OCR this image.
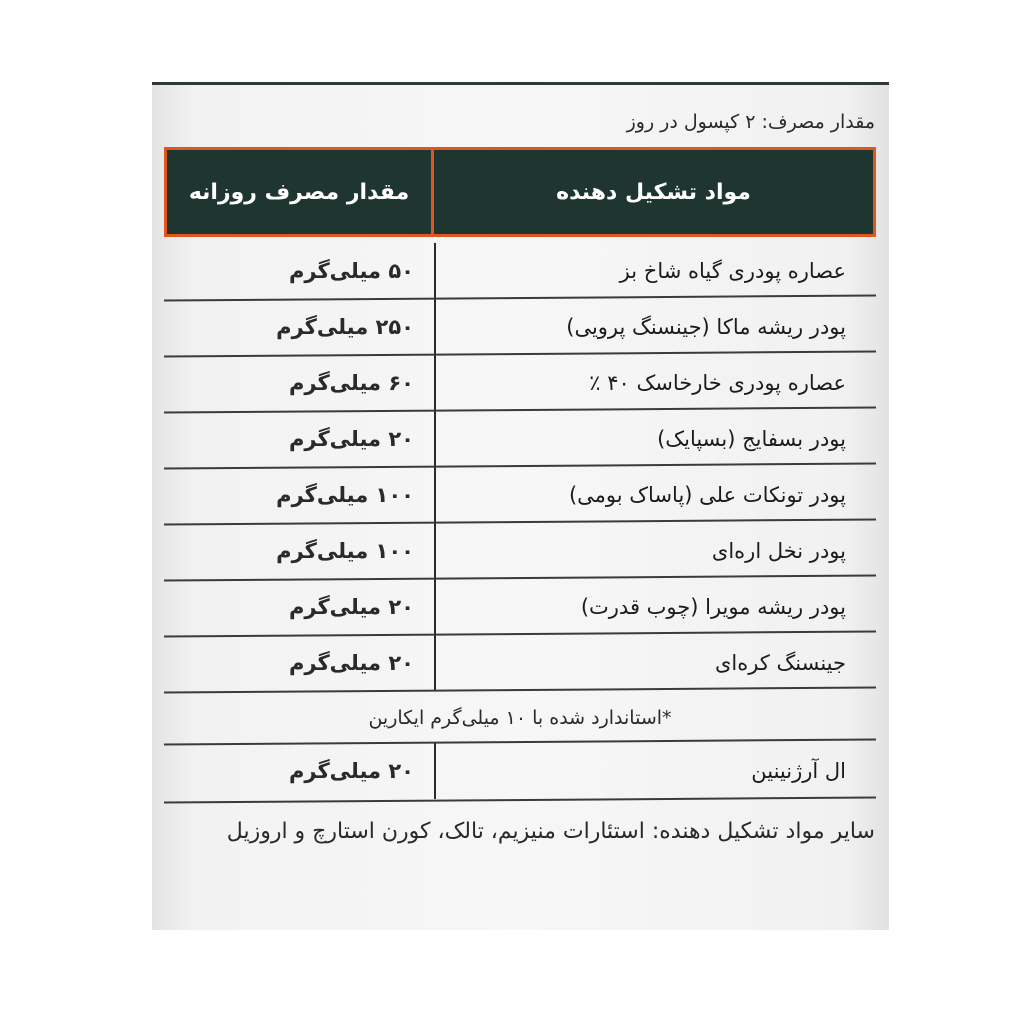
مقدار مصرف: ۲ کپسول در روز
مواد تشکیل دهنده
مقدار مصرف روزانه
عصاره پودری گیاه شاخ بز
۵۰ میلی‌گرم
پودر ریشه ماکا (جینسنگ پرویی)
۲۵۰ میلی‌گرم
عصاره پودری خارخاسک ۴۰ ٪
۶۰ میلی‌گرم
پودر بسفایج (بسپایک)
۲۰ میلی‌گرم
پودر تونکات علی (پاساک بومی)
۱۰۰ میلی‌گرم
پودر نخل اره‌ای
۱۰۰ میلی‌گرم
پودر ریشه مویرا (چوب قدرت)
۲۰ میلی‌گرم
جینسنگ کره‌ای
۲۰ میلی‌گرم
*استاندارد شده با ۱۰ میلی‌گرم ایکارین
ال آرژنینین
۲۰ میلی‌گرم
سایر مواد تشکیل دهنده: استئارات منیزیم، تالک، کورن استارچ و ارو‌زیل
